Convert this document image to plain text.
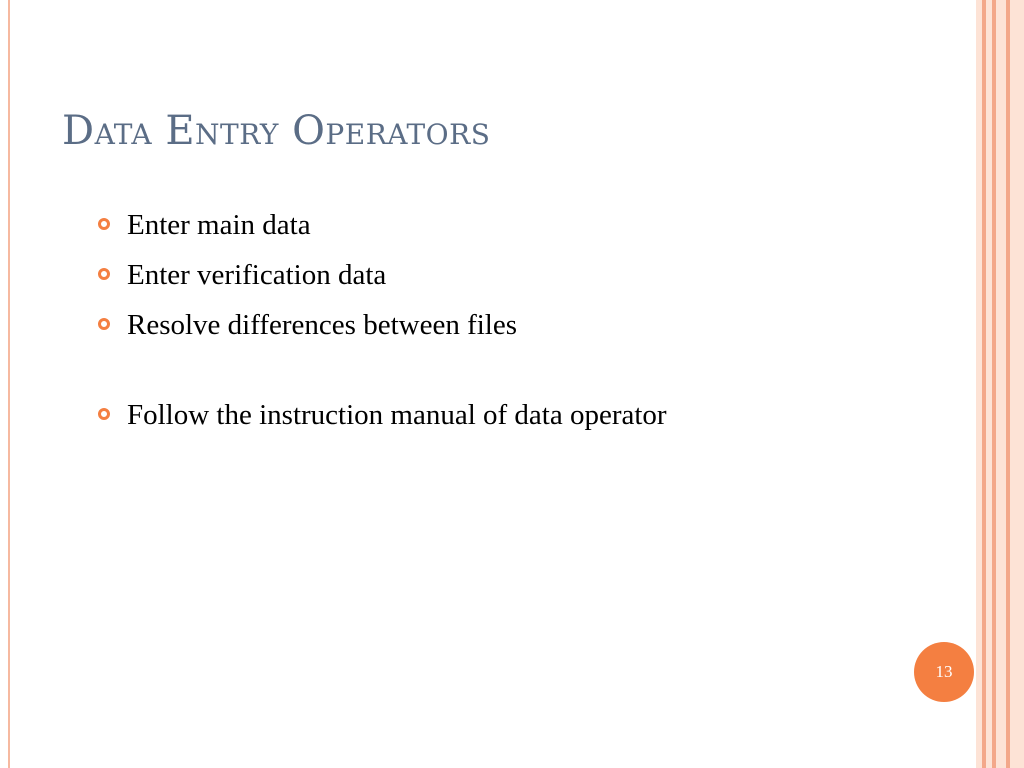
Data Entry Operators
Enter main data
Enter verification data
Resolve differences between files
Follow the instruction manual of data operator
13
